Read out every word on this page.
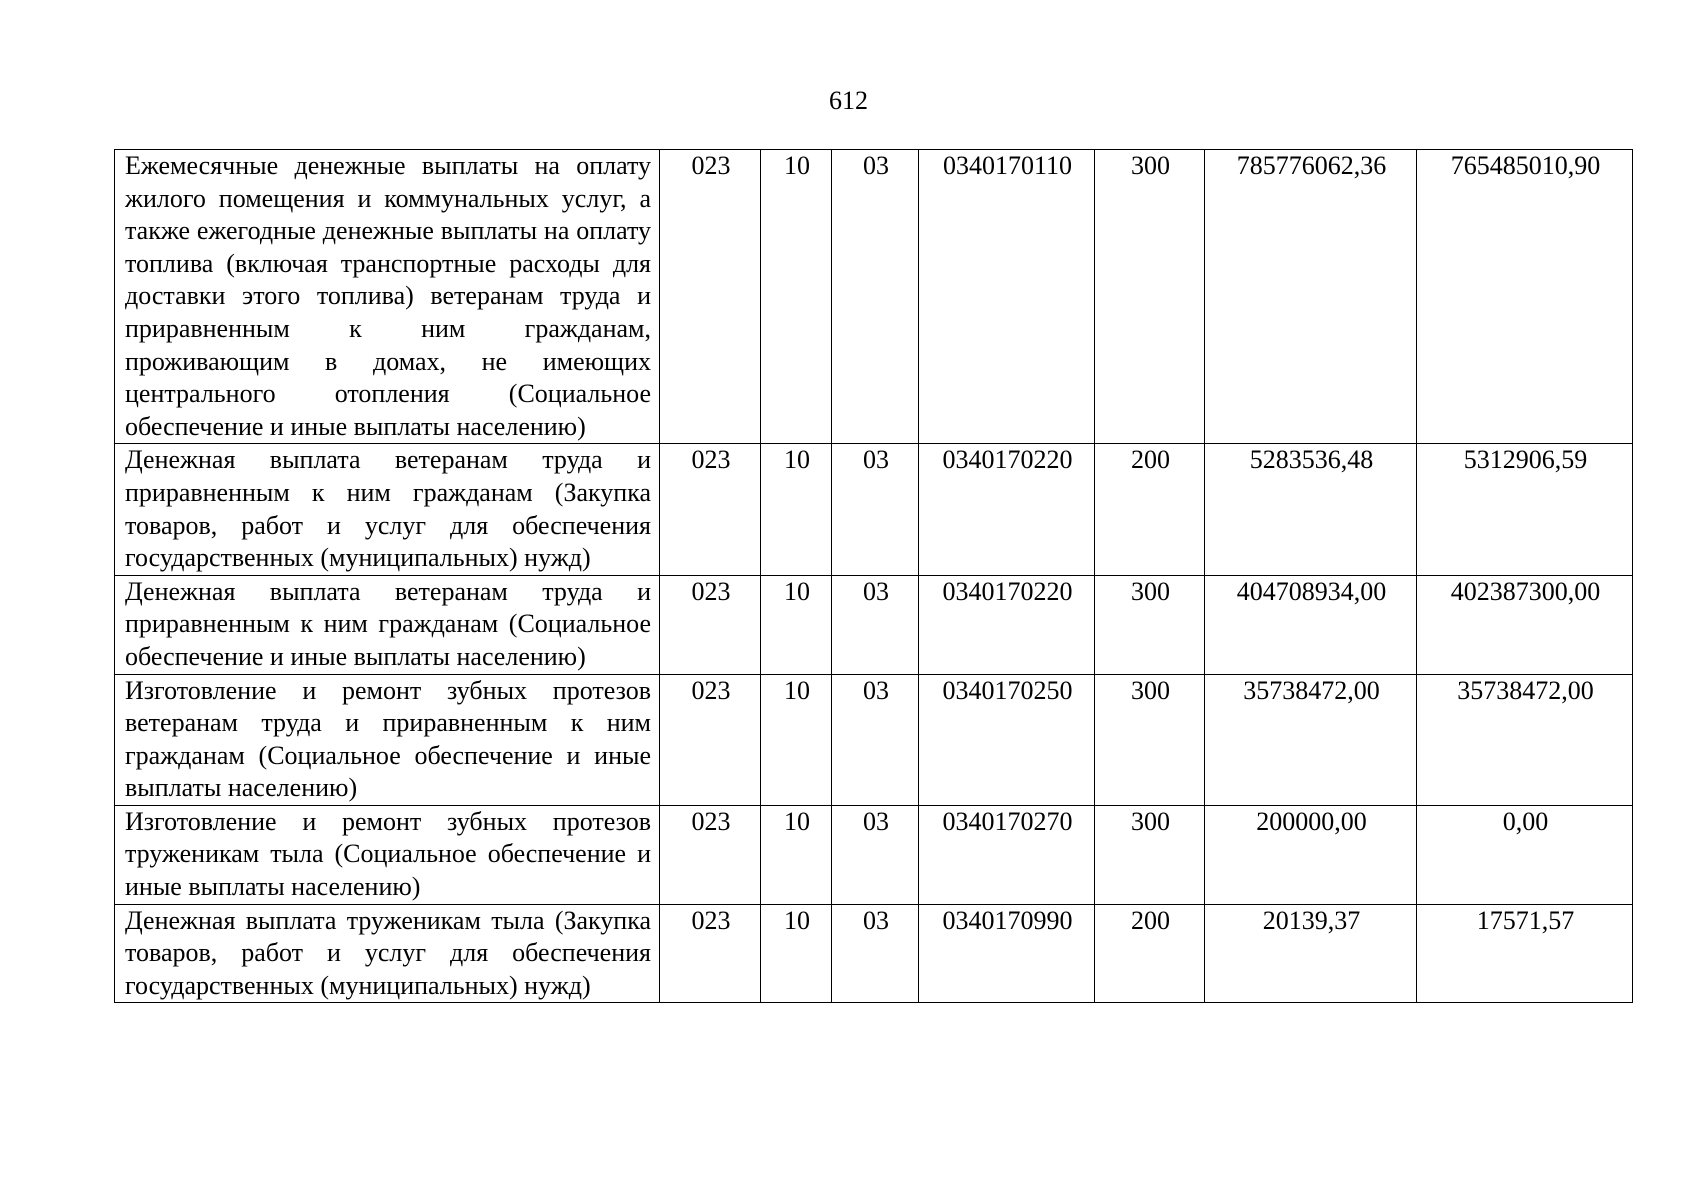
612
Ежемесячные денежные выплаты на оплату жилого помещения и коммунальных услуг, а также ежегодные денежные выплаты на оплату топлива (включая транспортные расходы для доставки этого топлива) ветеранам труда и приравненным к ним гражданам, проживающим в домах, не имеющих центрального отопления (Социальное обеспечение и иные выплаты населению)	023	10	03	0340170110	300	785776062,36	765485010,90
Денежная выплата ветеранам труда и приравненным к ним гражданам (Закупка товаров, работ и услуг для обеспечения государственных (муниципальных) нужд)	023	10	03	0340170220	200	5283536,48	5312906,59
Денежная выплата ветеранам труда и приравненным к ним гражданам (Социальное обеспечение и иные выплаты населению)	023	10	03	0340170220	300	404708934,00	402387300,00
Изготовление и ремонт зубных протезов ветеранам труда и приравненным к ним гражданам (Социальное обеспечение и иные выплаты населению)	023	10	03	0340170250	300	35738472,00	35738472,00
Изготовление и ремонт зубных протезов труженикам тыла (Социальное обеспечение и иные выплаты населению)	023	10	03	0340170270	300	200000,00	0,00
Денежная выплата труженикам тыла (Закупка товаров, работ и услуг для обеспечения государственных (муниципальных) нужд)	023	10	03	0340170990	200	20139,37	17571,57
